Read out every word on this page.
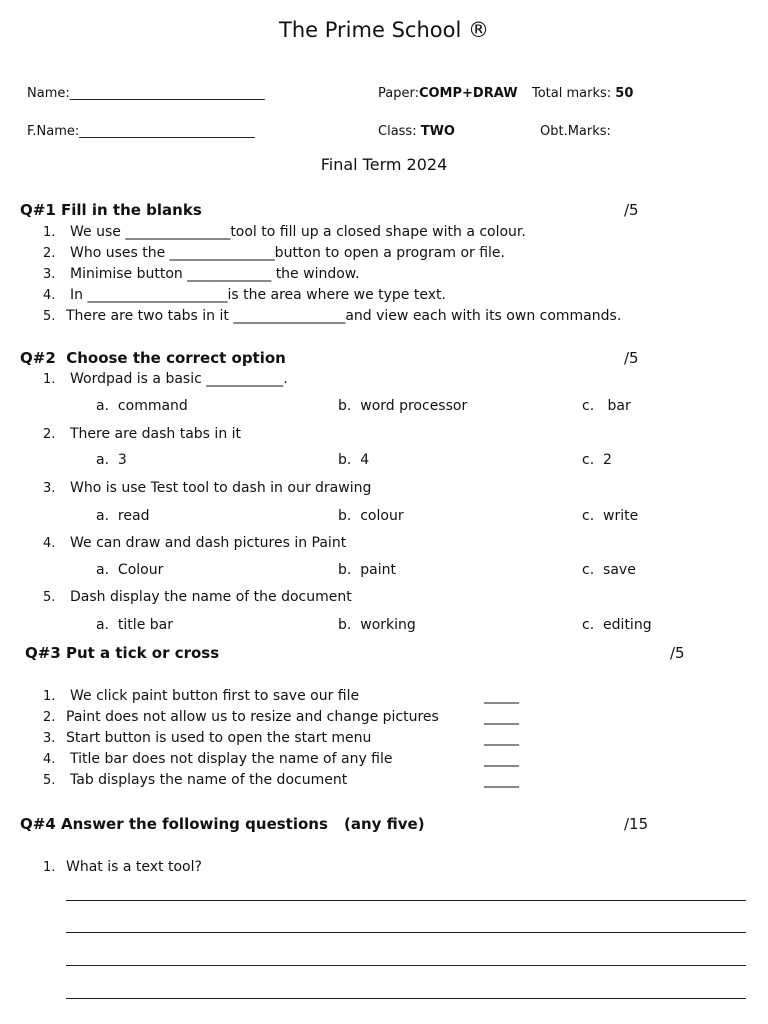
The Prime School ®
Name:______________________________	Paper:COMP+DRAW Total marks: 50
F.Name:___________________________	Class: TWO	Obt.Marks:
Final Term 2024
Q#1 Fill in the blanks	/5
1. We use _______________tool to fill up a closed shape with a colour.
2. Who uses the _______________button to open a program or file.
3. Minimise button ____________ the window.
4. In ____________________is the area where we type text.
5. There are two tabs in it ________________and view each with its own commands.
Q#2  Choose the correct option	/5
1. Wordpad is a basic ___________.
a.  command	b.  word processor	c.   bar
2. There are dash tabs in it
a.  3	b.  4	c.  2
3. Who is use Test tool to dash in our drawing
a.  read	b.  colour	c.  write
4. We can draw and dash pictures in Paint
a.  Colour	b.  paint	c.  save
5. Dash display the name of the document
a.  title bar	b.  working	c.  editing
Q#3 Put a tick or cross	/5
1. We click paint button first to save our file	_____
2. Paint does not allow us to resize and change pictures	_____
3. Start button is used to open the start menu	_____
4. Title bar does not display the name of any file	_____
5. Tab displays the name of the document	_____
Q#4 Answer the following questions (any five)	/15
1. What is a text tool?
